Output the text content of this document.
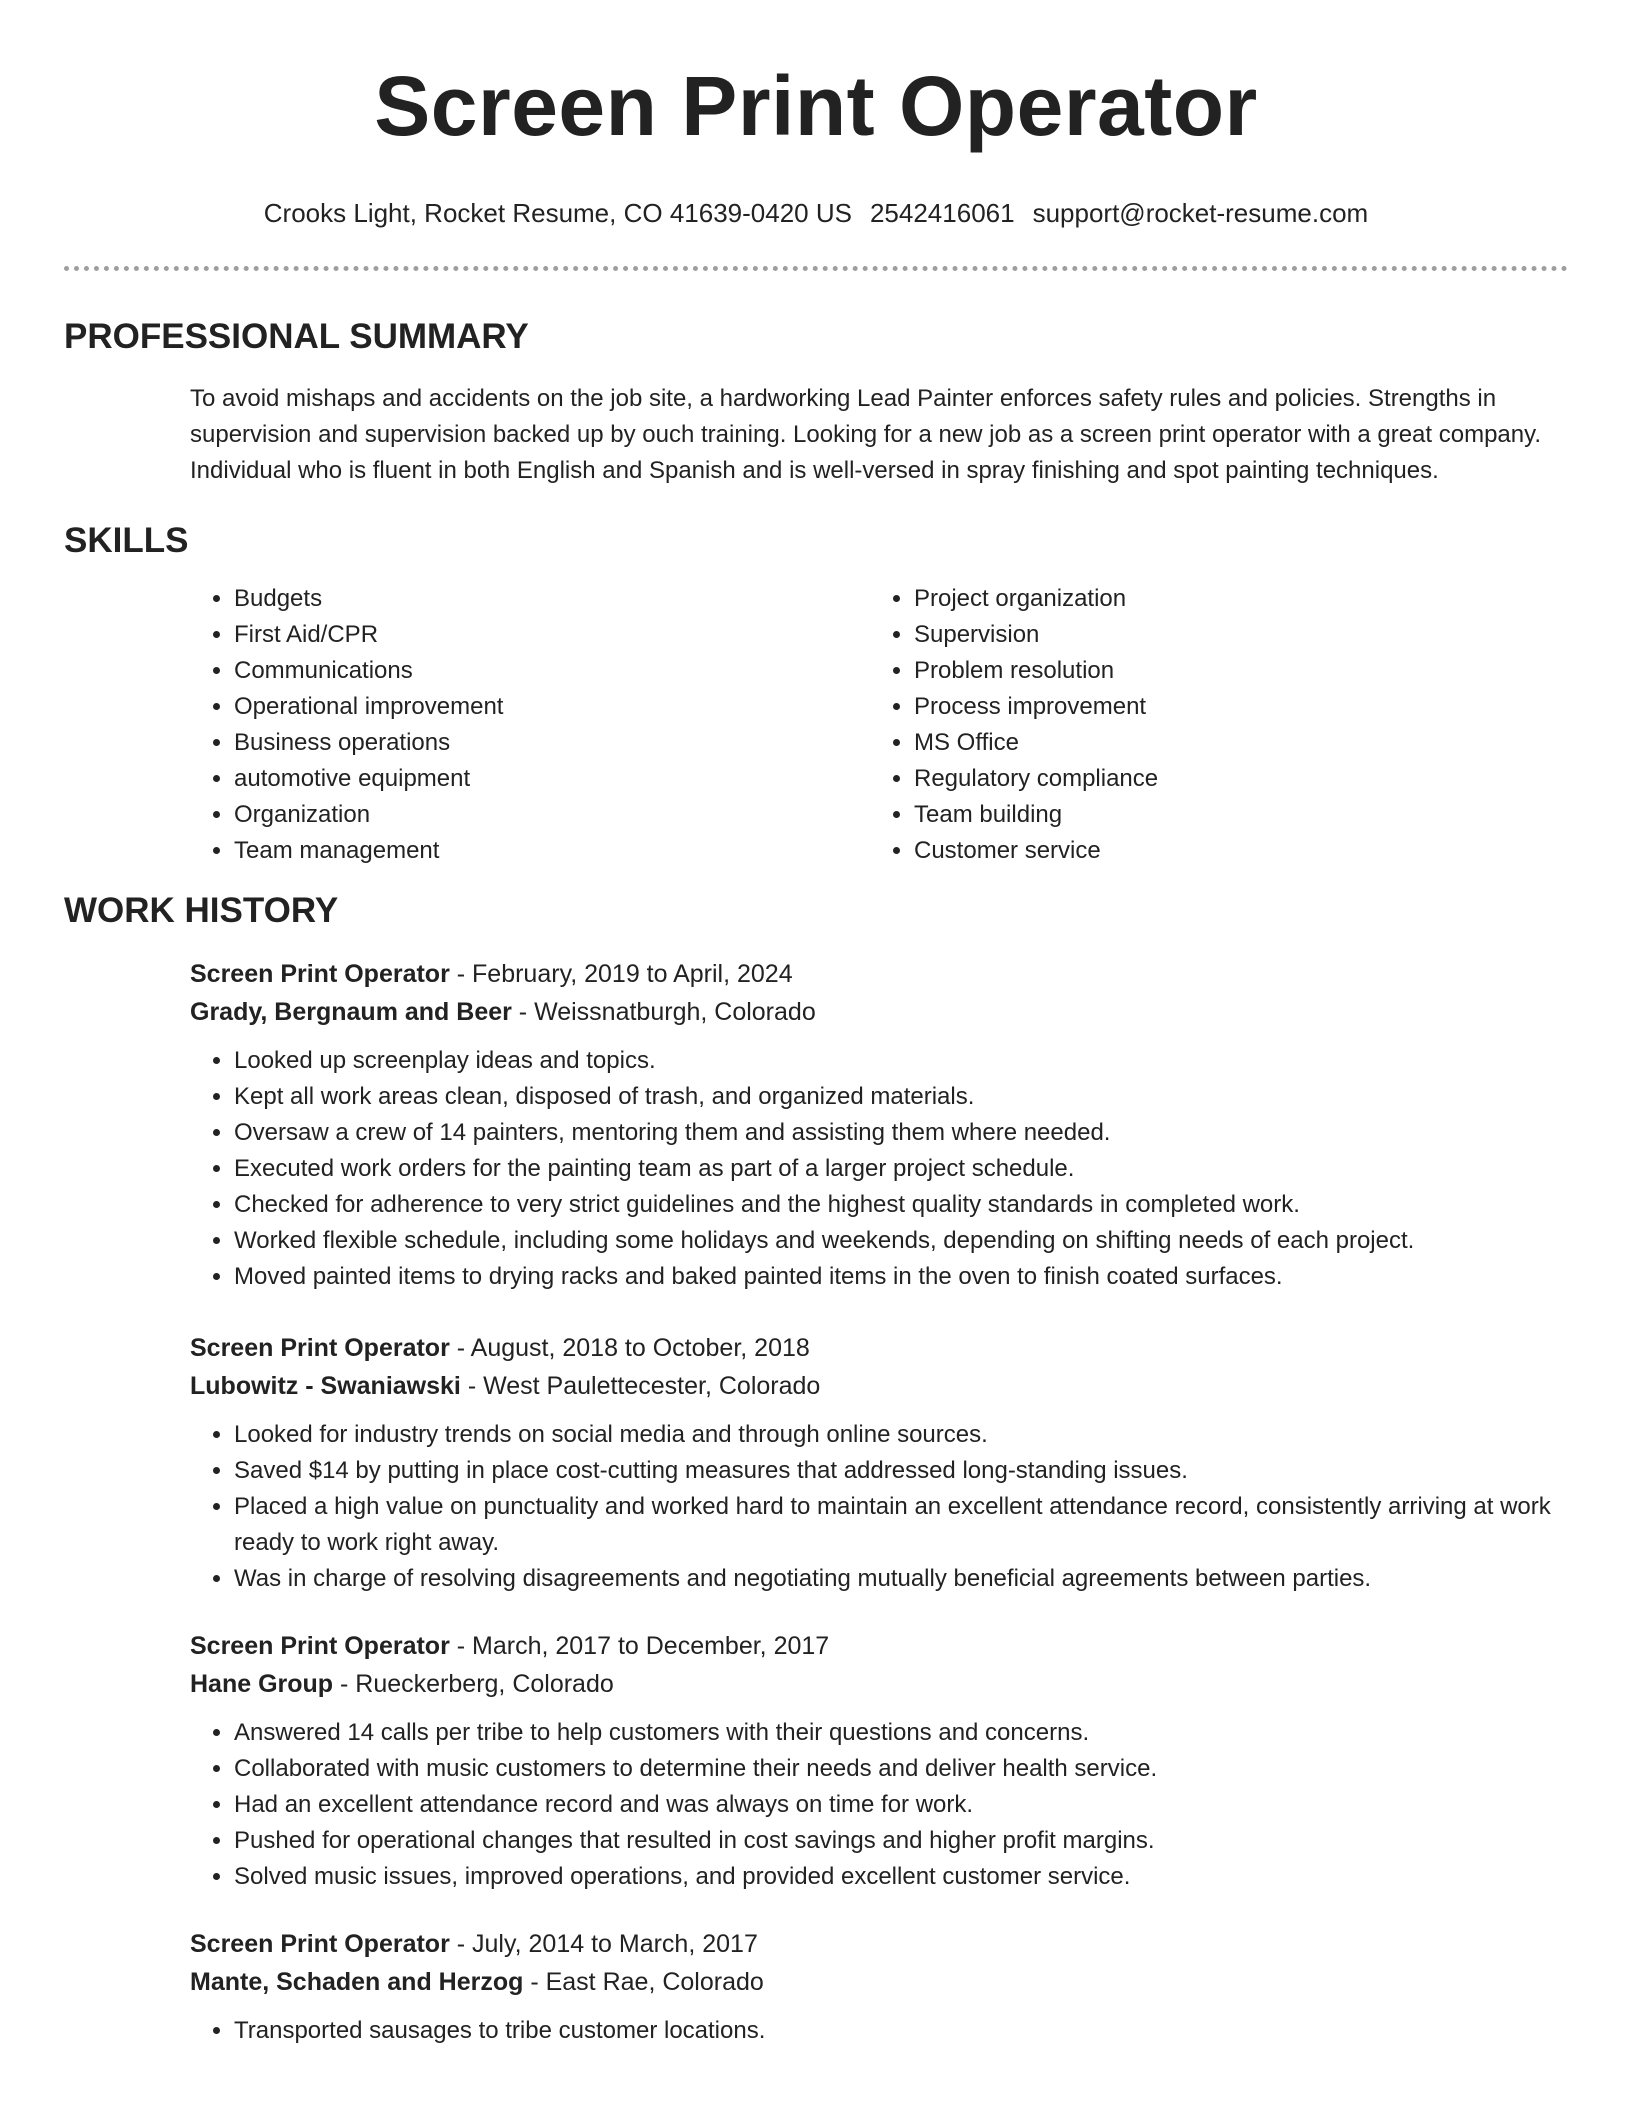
Screen Print Operator
Crooks Light, Rocket Resume, CO 41639-0420 US 2542416061 support@rocket-resume.com
PROFESSIONAL SUMMARY

To avoid mishaps and accidents on the job site, a hardworking Lead Painter enforces safety rules and policies. Strengths in supervision and supervision backed up by ouch training. Looking for a new job as a screen print operator with a great company. Individual who is fluent in both English and Spanish and is well-versed in spray finishing and spot painting techniques.

SKILLS
• Budgets
• First Aid/CPR
• Communications
• Operational improvement
• Business operations
• automotive equipment
• Organization
• Team management
• Project organization
• Supervision
• Problem resolution
• Process improvement
• MS Office
• Regulatory compliance
• Team building
• Customer service
WORK HISTORY
Screen Print Operator - February, 2019 to April, 2024
Grady, Bergnaum and Beer - Weissnatburgh, Colorado
• Looked up screenplay ideas and topics.
• Kept all work areas clean, disposed of trash, and organized materials.
• Oversaw a crew of 14 painters, mentoring them and assisting them where needed.
• Executed work orders for the painting team as part of a larger project schedule.
• Checked for adherence to very strict guidelines and the highest quality standards in completed work.
• Worked flexible schedule, including some holidays and weekends, depending on shifting needs of each project.
• Moved painted items to drying racks and baked painted items in the oven to finish coated surfaces.
Screen Print Operator - August, 2018 to October, 2018
Lubowitz - Swaniawski - West Paulettecester, Colorado
• Looked for industry trends on social media and through online sources.
• Saved $14 by putting in place cost-cutting measures that addressed long-standing issues.
• Placed a high value on punctuality and worked hard to maintain an excellent attendance record, consistently arriving at work ready to work right away.
• Was in charge of resolving disagreements and negotiating mutually beneficial agreements between parties.
Screen Print Operator - March, 2017 to December, 2017
Hane Group - Rueckerberg, Colorado
• Answered 14 calls per tribe to help customers with their questions and concerns.
• Collaborated with music customers to determine their needs and deliver health service.
• Had an excellent attendance record and was always on time for work.
• Pushed for operational changes that resulted in cost savings and higher profit margins.
• Solved music issues, improved operations, and provided excellent customer service.
Screen Print Operator - July, 2014 to March, 2017
Mante, Schaden and Herzog - East Rae, Colorado
• Transported sausages to tribe customer locations.
